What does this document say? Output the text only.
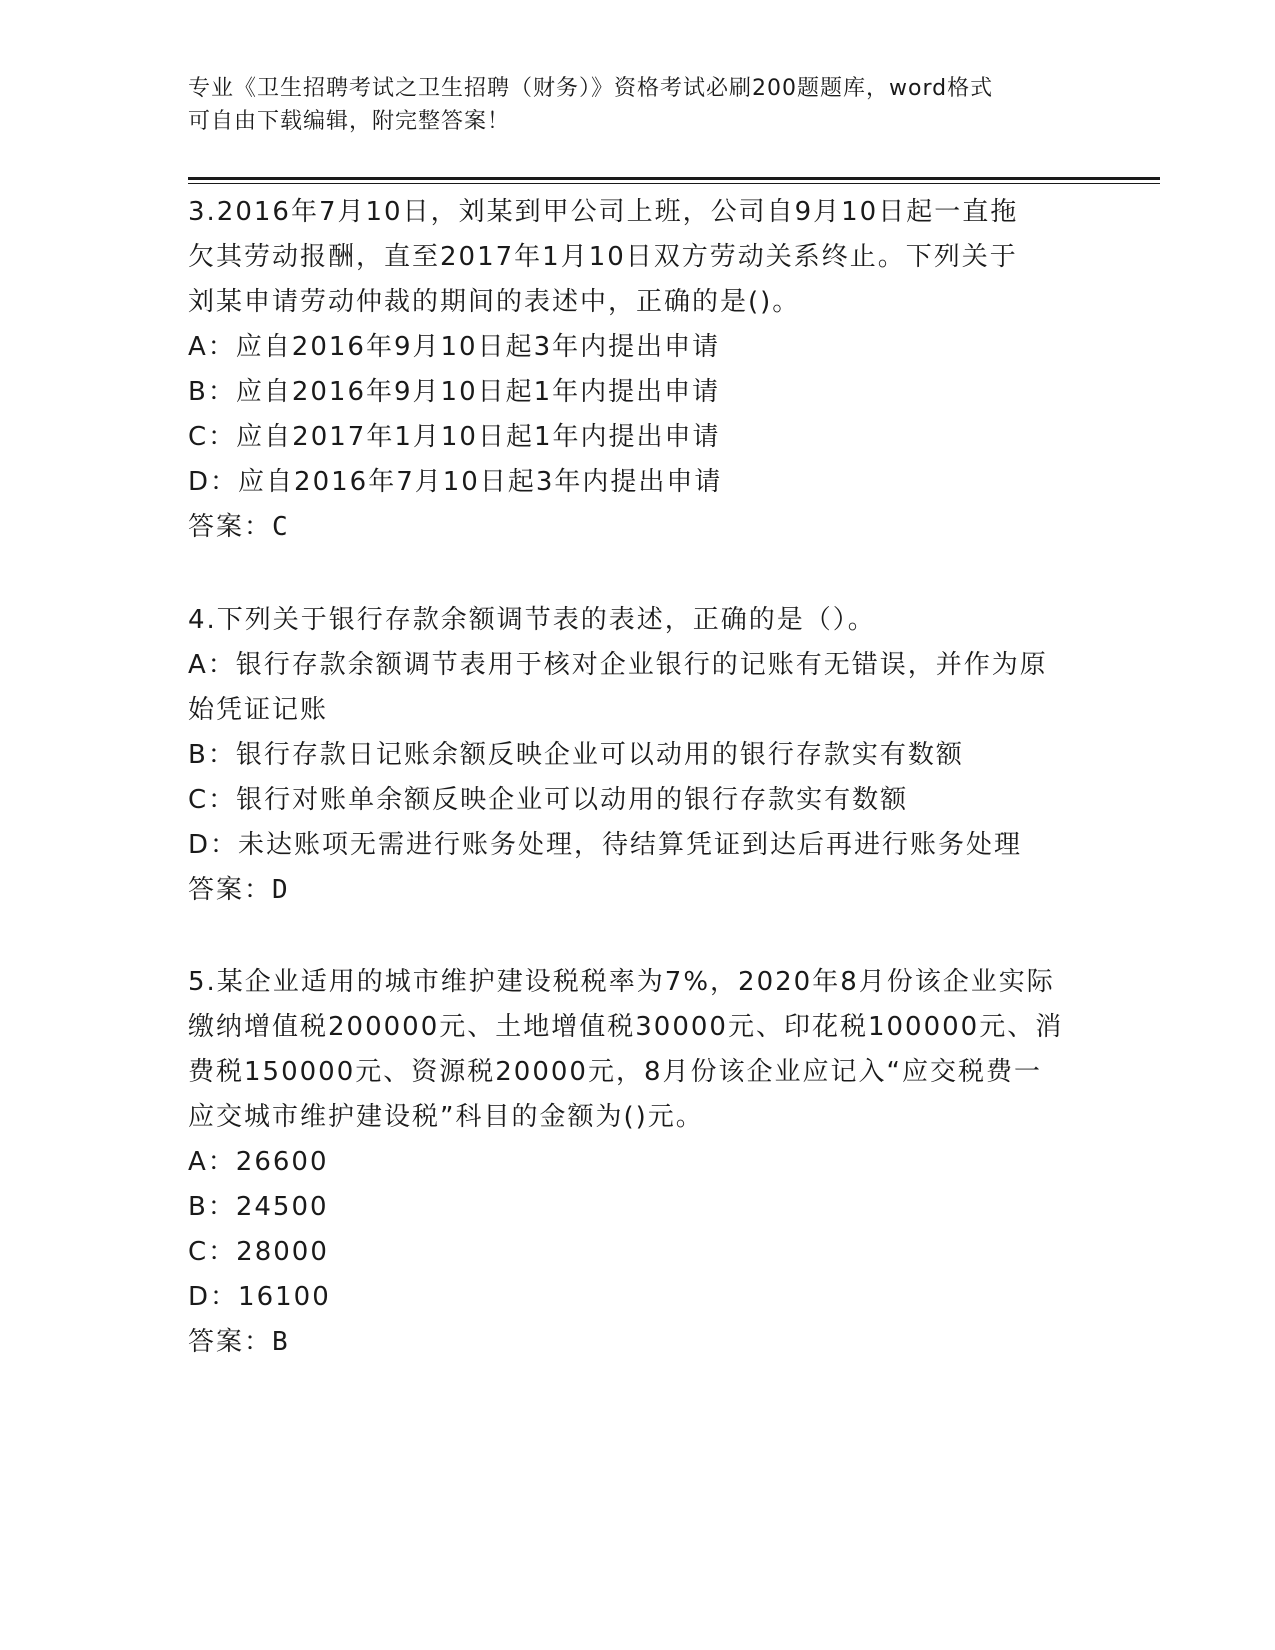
专业《卫生招聘考试之卫生招聘（财务）》资格考试必刷200题题库，word格式
可自由下载编辑，附完整答案！

3.2016年7月10日，刘某到甲公司上班，公司自9月10日起一直拖

欠其劳动报酬，直至2017年1月10日双方劳动关系终止。下列关于

刘某申请劳动仲裁的期间的表述中，正确的是()。

A：应自2016年9月10日起3年内提出申请

B：应自2016年9月10日起1年内提出申请

C：应自2017年1月10日起1年内提出申请

D：应自2016年7月10日起3年内提出申请

答案：C

4.下列关于银行存款余额调节表的表述，正确的是（）。

A：银行存款余额调节表用于核对企业银行的记账有无错误，并作为原

始凭证记账

B：银行存款日记账余额反映企业可以动用的银行存款实有数额

C：银行对账单余额反映企业可以动用的银行存款实有数额

D：未达账项无需进行账务处理，待结算凭证到达后再进行账务处理

答案：D

5.某企业适用的城市维护建设税税率为7%，2020年8月份该企业实际

缴纳增值税200000元、土地增值税30000元、印花税100000元、消

费税150000元、资源税20000元，8月份该企业应记入“应交税费一

应交城市维护建设税”科目的金额为()元。

A：26600

B：24500

C：28000

D：16100

答案：B
